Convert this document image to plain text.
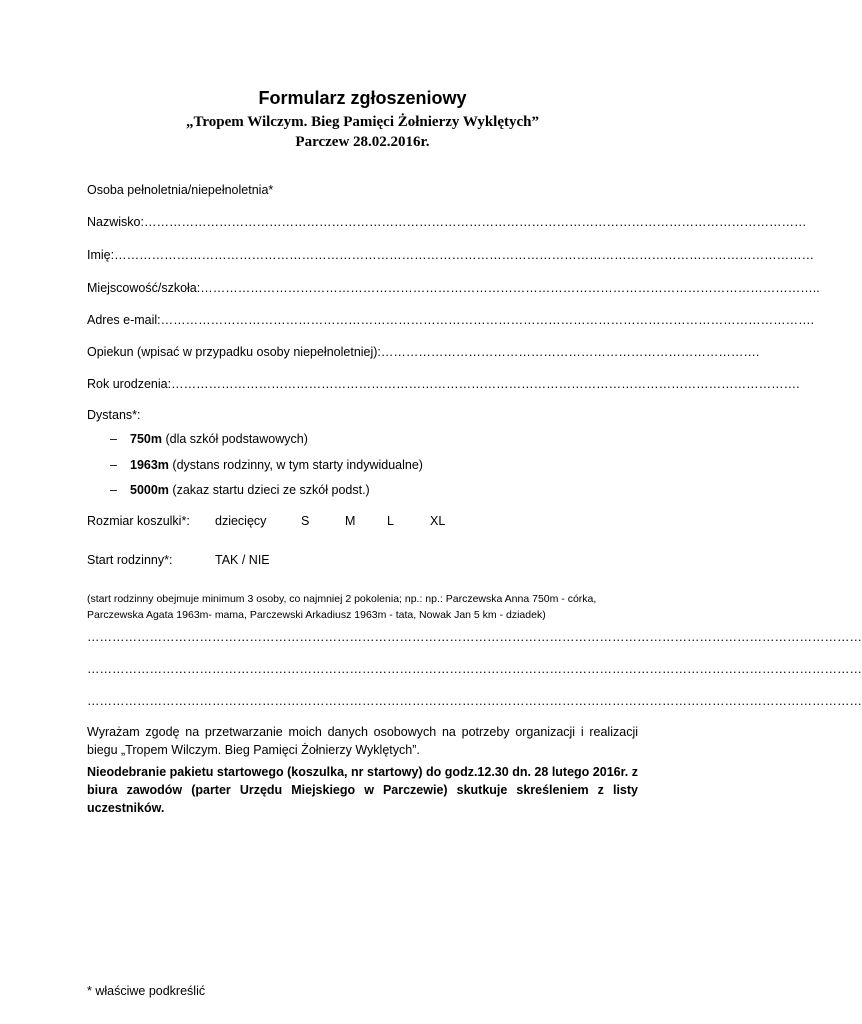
Formularz zgłoszeniowy
„Tropem Wilczym. Bieg Pamięci Żołnierzy Wyklętych”
Parczew 28.02.2016r.
Osoba pełnoletnia/niepełnoletnia*
Nazwisko:……………………………………………………………………………………………………………………………………………
Imię:……………………………………………………………………………………………………………………………………………………
Miejscowość/szkoła:…………………………………………………………………………………………………………………………………..
Adres e-mail:………………………………………………………………………………………………………………………………………….
Opiekun (wpisać w przypadku osoby niepełnoletniej):……………………………………………………………………………….
Rok urodzenia:…………………………………………………………………………………………………………………………………….
Dystans*:
– 750m (dla szkół podstawowych)
– 1963m (dystans rodzinny, w tym starty indywidualne)
– 5000m (zakaz startu dzieci ze szkół podst.)
Rozmiar koszulki*: dziecięcy	S	M	L	XL
Start rodzinny*:	TAK / NIE
(start rodzinny obejmuje minimum 3 osoby, co najmniej 2 pokolenia; np.: np.: Parczewska Anna 750m - córka, Parczewska Agata 1963m- mama, Parczewski Arkadiusz 1963m - tata, Nowak Jan 5 km - dziadek)
……………………………………………………………………………………………………………………………………………………………………
……………………………………………………………………………………………………………………………………………………………………
……………………………………………………………………………………………………………………………………………………………………
Wyrażam zgodę na przetwarzanie moich danych osobowych na potrzeby organizacji i realizacji biegu „Tropem Wilczym. Bieg Pamięci Żołnierzy Wyklętych”.
Nieodebranie pakietu startowego (koszulka, nr startowy) do godz.12.30 dn. 28 lutego 2016r. z biura zawodów (parter Urzędu Miejskiego w Parczewie) skutkuje skreśleniem z listy uczestników.
* właściwe podkreślić
